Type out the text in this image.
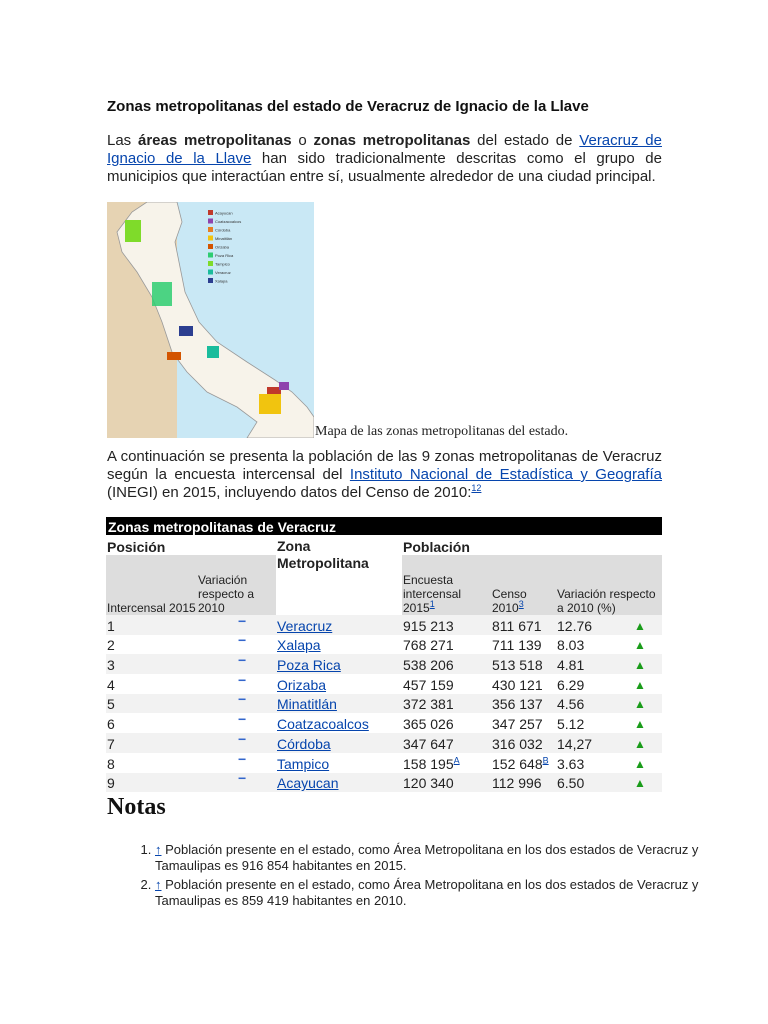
Zonas metropolitanas del estado de Veracruz de Ignacio de la Llave

Las áreas metropolitanas o zonas metropolitanas del estado de Veracruz de Ignacio de la Llave han sido tradicionalmente descritas como el grupo de municipios que interactúan entre sí, usualmente alrededor de una ciudad principal.

Acayucan
Coatzacoalcos
Córdoba
Minatitlán
Orizaba
Poza Rica
Tampico
Veracruz
Xalapa
Mapa de las zonas metropolitanas del estado.

A continuación se presenta la población de las 9 zonas metropolitanas de Veracruz según la encuesta intercensal del Instituto Nacional de Estadística y Geografía (INEGI) en 2015, incluyendo datos del Censo de 2010:$^{12}$

Zonas metropolitanas de Veracruz						
Posición		Zona Metropolitana	Población			
Intercensal 2015	Variación respecto a 2010		Encuesta intercensal 2015$^1$	Censo 2010$^3$	Variación respecto a 2010 (%)	
1	−	Veracruz	915 213	811 671	12.76	▲
2	−	Xalapa	768 271	711 139	8.03	▲
3	−	Poza Rica	538 206	513 518	4.81	▲
4	−	Orizaba	457 159	430 121	6.29	▲
5	−	Minatitlán	372 381	356 137	4.56	▲
6	−	Coatzacoalcos	365 026	347 257	5.12	▲
7	−	Córdoba	347 647	316 032	14,27	▲
8	−	Tampico	158 195$^A$	152 648$^B$	3.63	▲
9	−	Acayucan	120 340	112 996	6.50	▲
Notas
1. ↑ Población presente en el estado, como Área Metropolitana en los dos estados de Veracruz y Tamaulipas es 916 854 habitantes en 2015.
2. ↑ Población presente en el estado, como Área Metropolitana en los dos estados de Veracruz y Tamaulipas es 859 419 habitantes en 2010.
